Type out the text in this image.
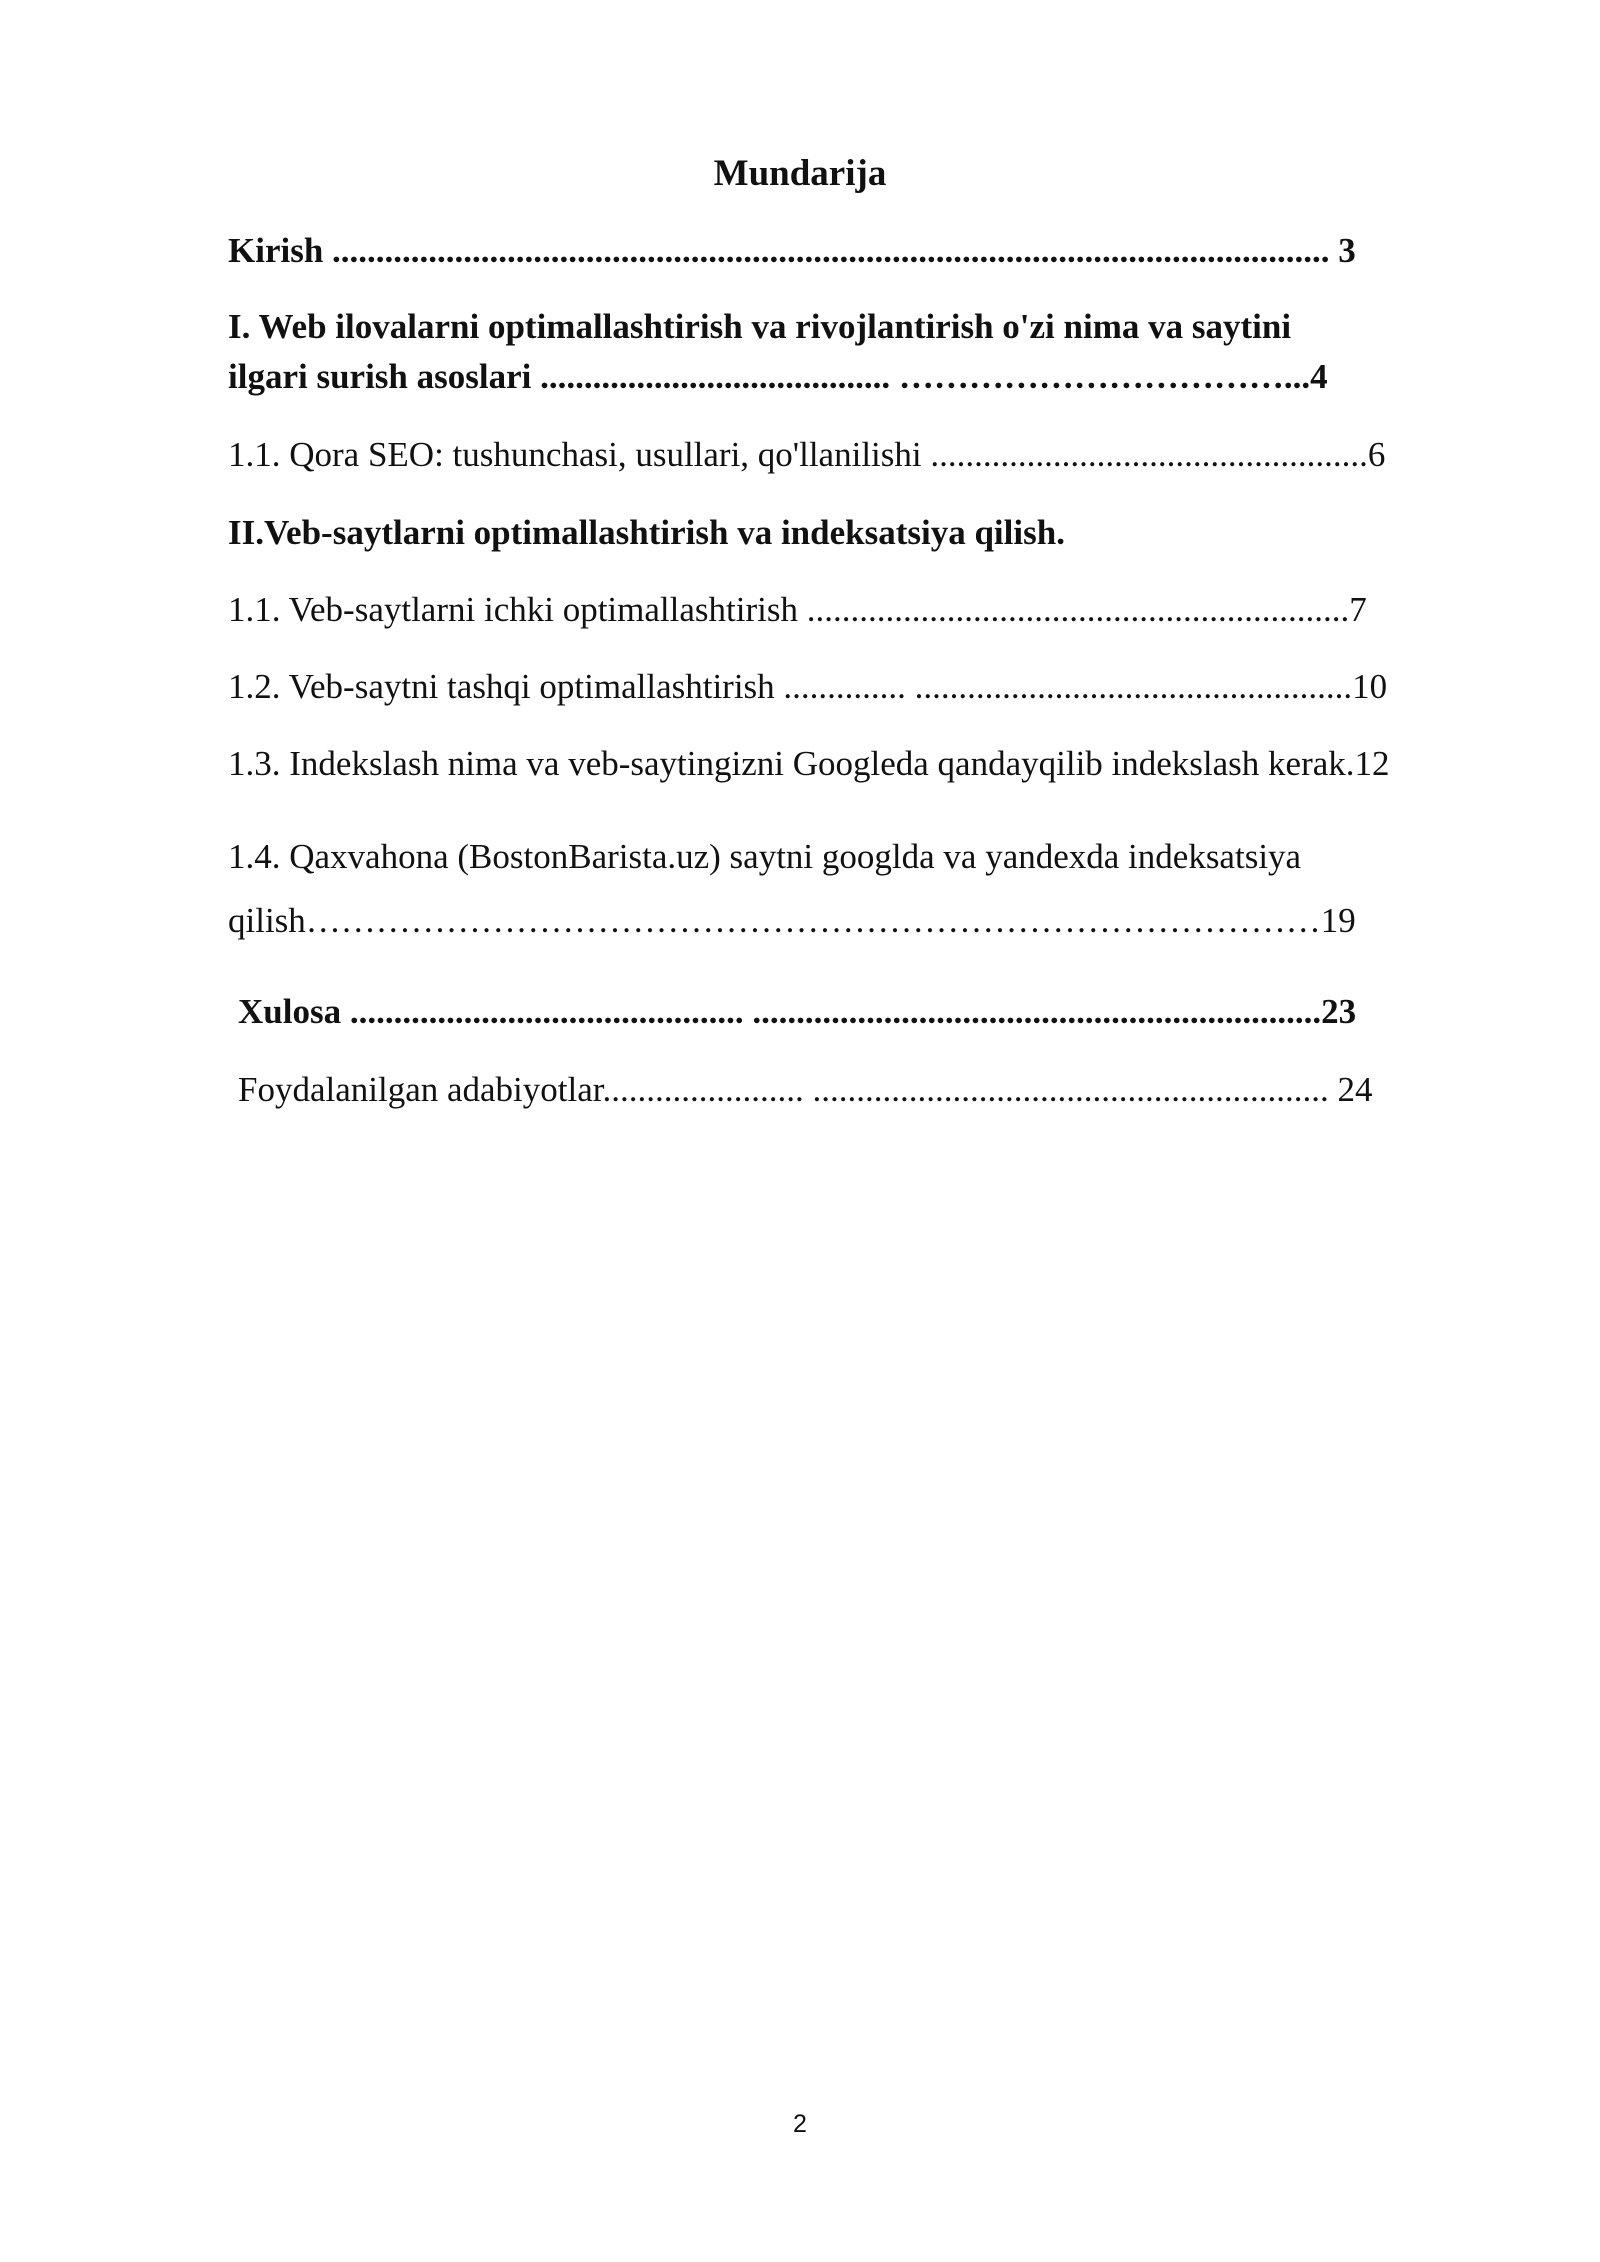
Mundarija
Kirish .................................................................................................................. 3
I. Web ilovalarni optimallashtirish va rivojlantirish o'zi nima va saytini
ilgari surish asoslari ........................................ ……………………………...4
1.1. Qora SEO: tushunchasi, usullari, qo'llanilishi ..................................................6
II.Veb-saytlarni optimallashtirish va indeksatsiya qilish.
1.1. Veb-saytlarni ichki optimallashtirish ..............................................................7
1.2. Veb-saytni tashqi optimallashtirish .............. ..................................................10
1.3. Indekslash nima va veb-saytingizni Googleda qandayqilib indekslash kerak.12
1.4. Qaxvahona (BostonBarista.uz) saytni googlda va yandexda indeksatsiya
qilish……………………………………………………………………………19
Xulosa ............................................. .................................................................23
Foydalanilgan adabiyotlar....................... ........................................................... 24
2
